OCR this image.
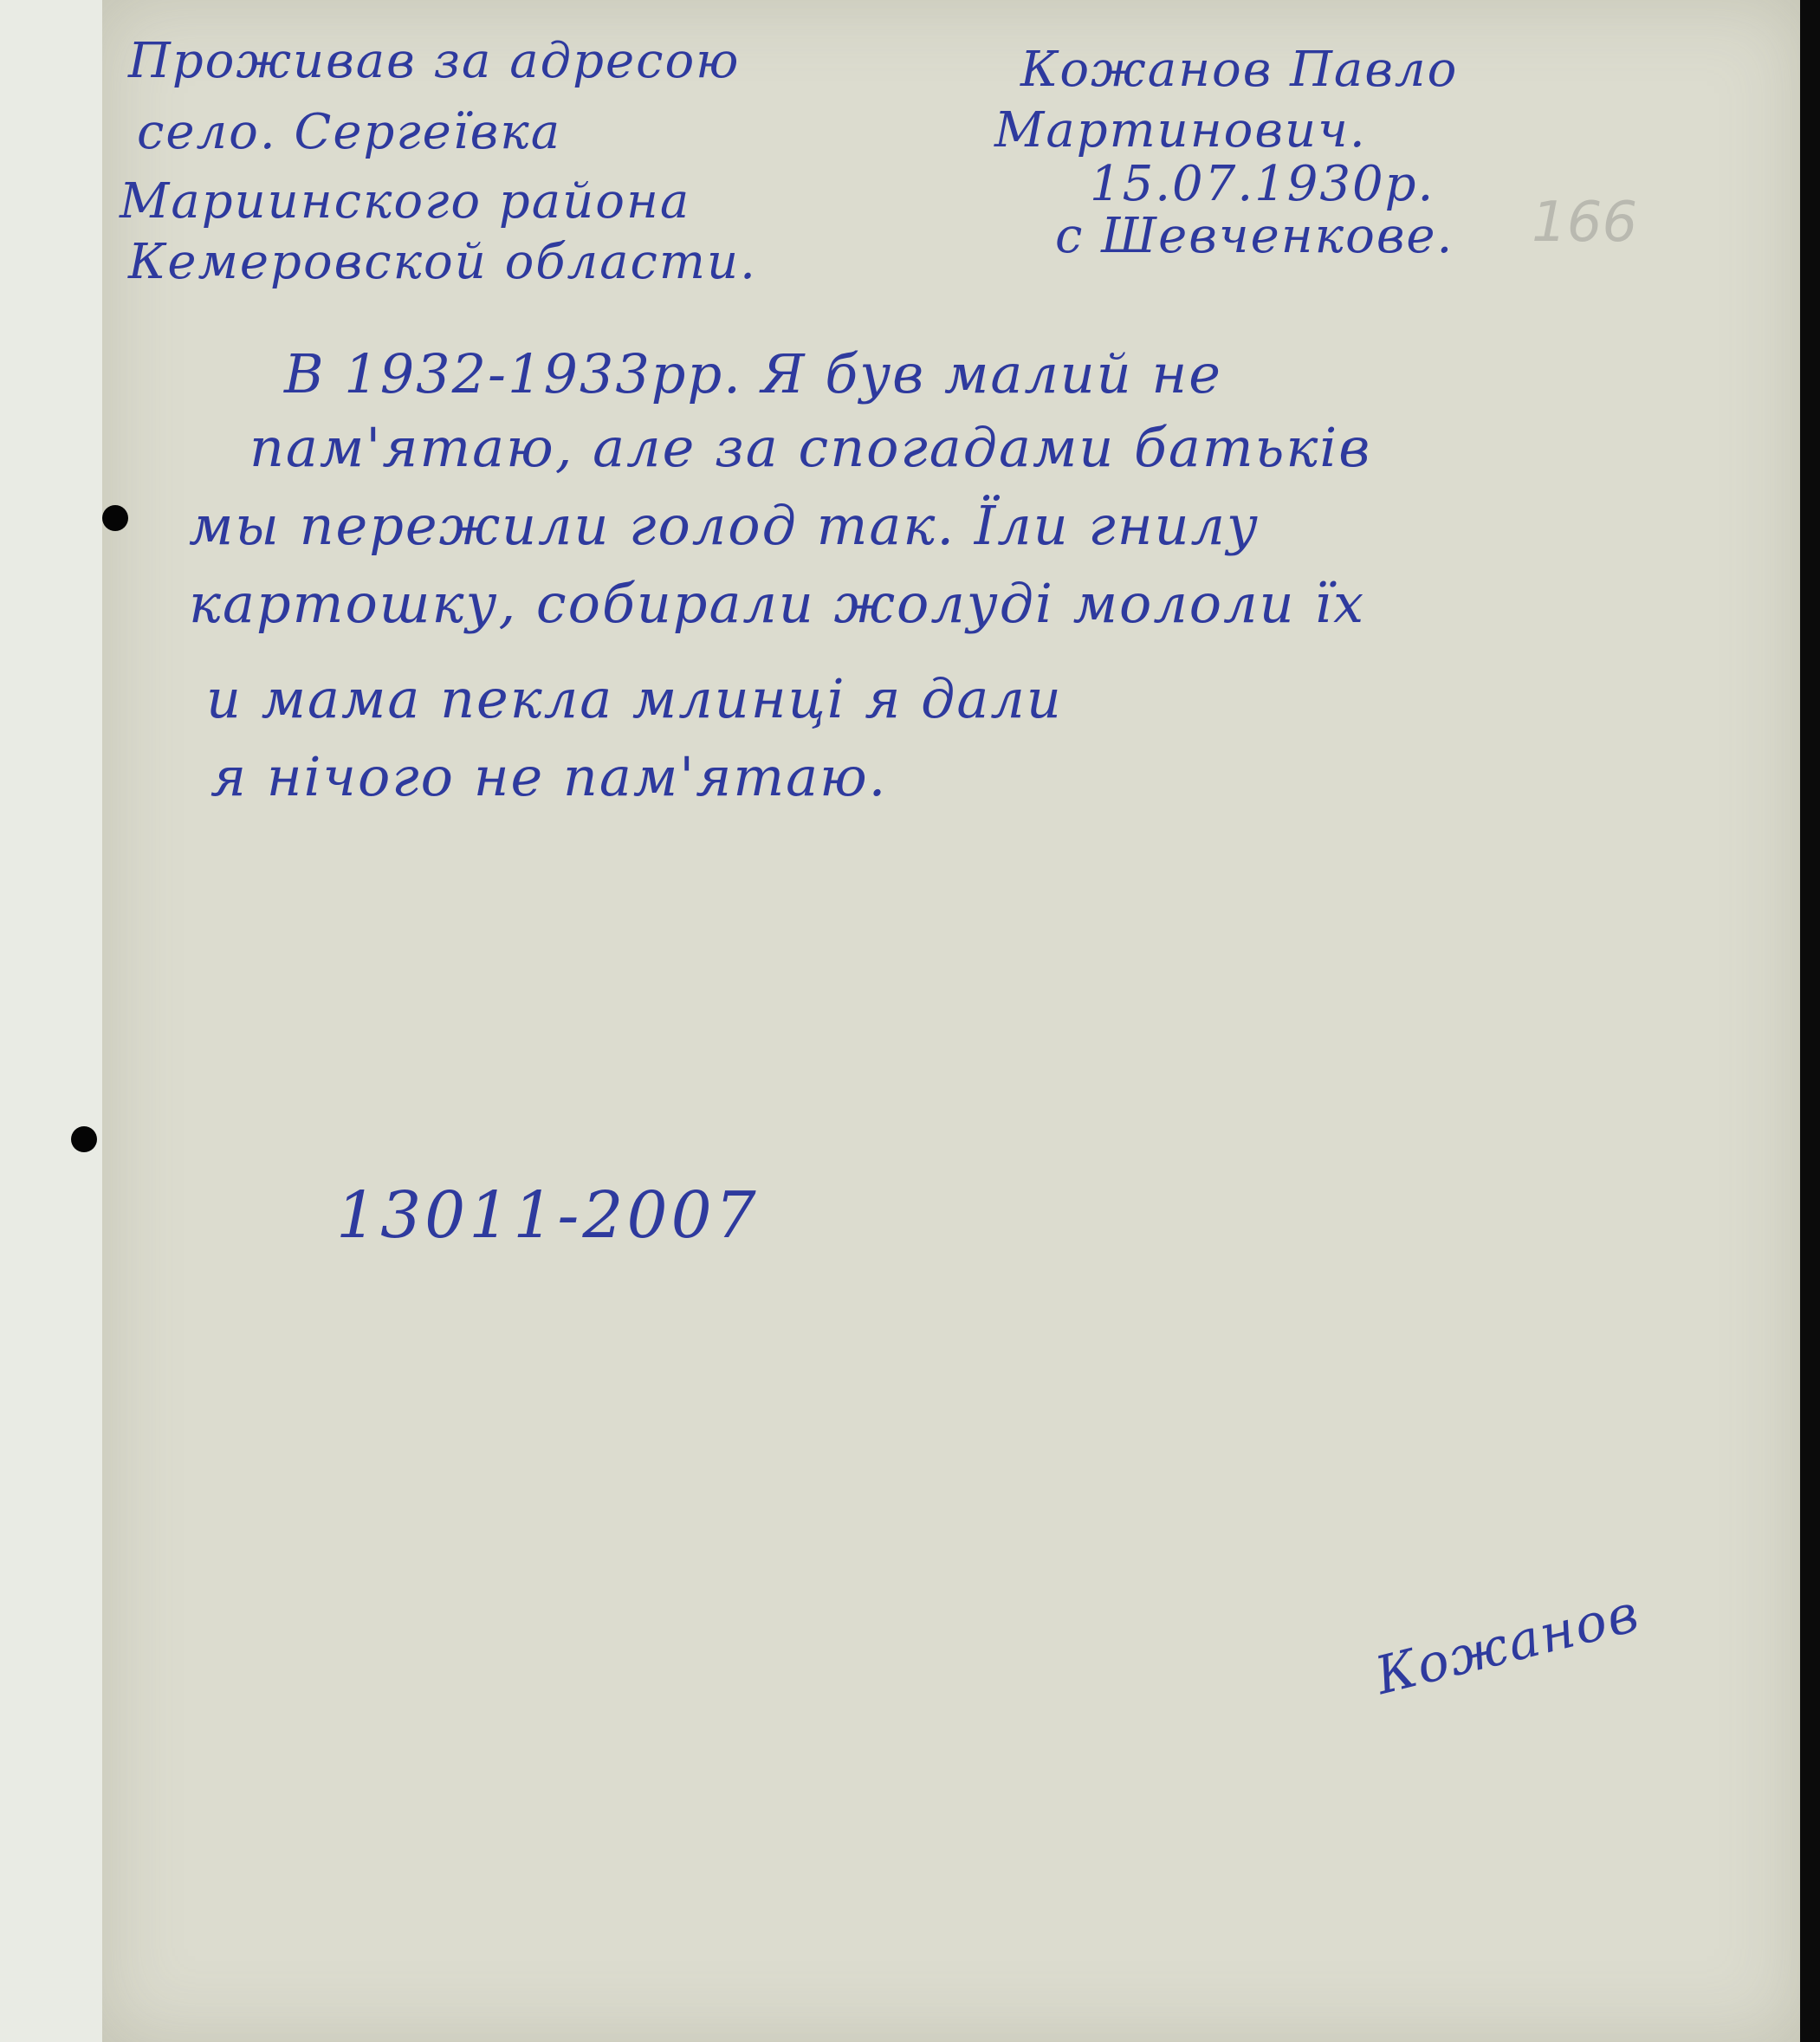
Проживав за адресою
село. Сергеївка
Мариинского района
Кемеровской области.
Кожанов Павло
Мартинович.
15.07.1930р.
с Шевченкове. 166
В 1932-1933рр. Я був малий не
пам'ятаю, але за спогадами батьків
мы пережили голод так. Їли гнилу
картошку, собирали жолуді мололи їх
и мама пекла млинці я дали
я нічого не пам'ятаю.
13011-2007
Кожанов
